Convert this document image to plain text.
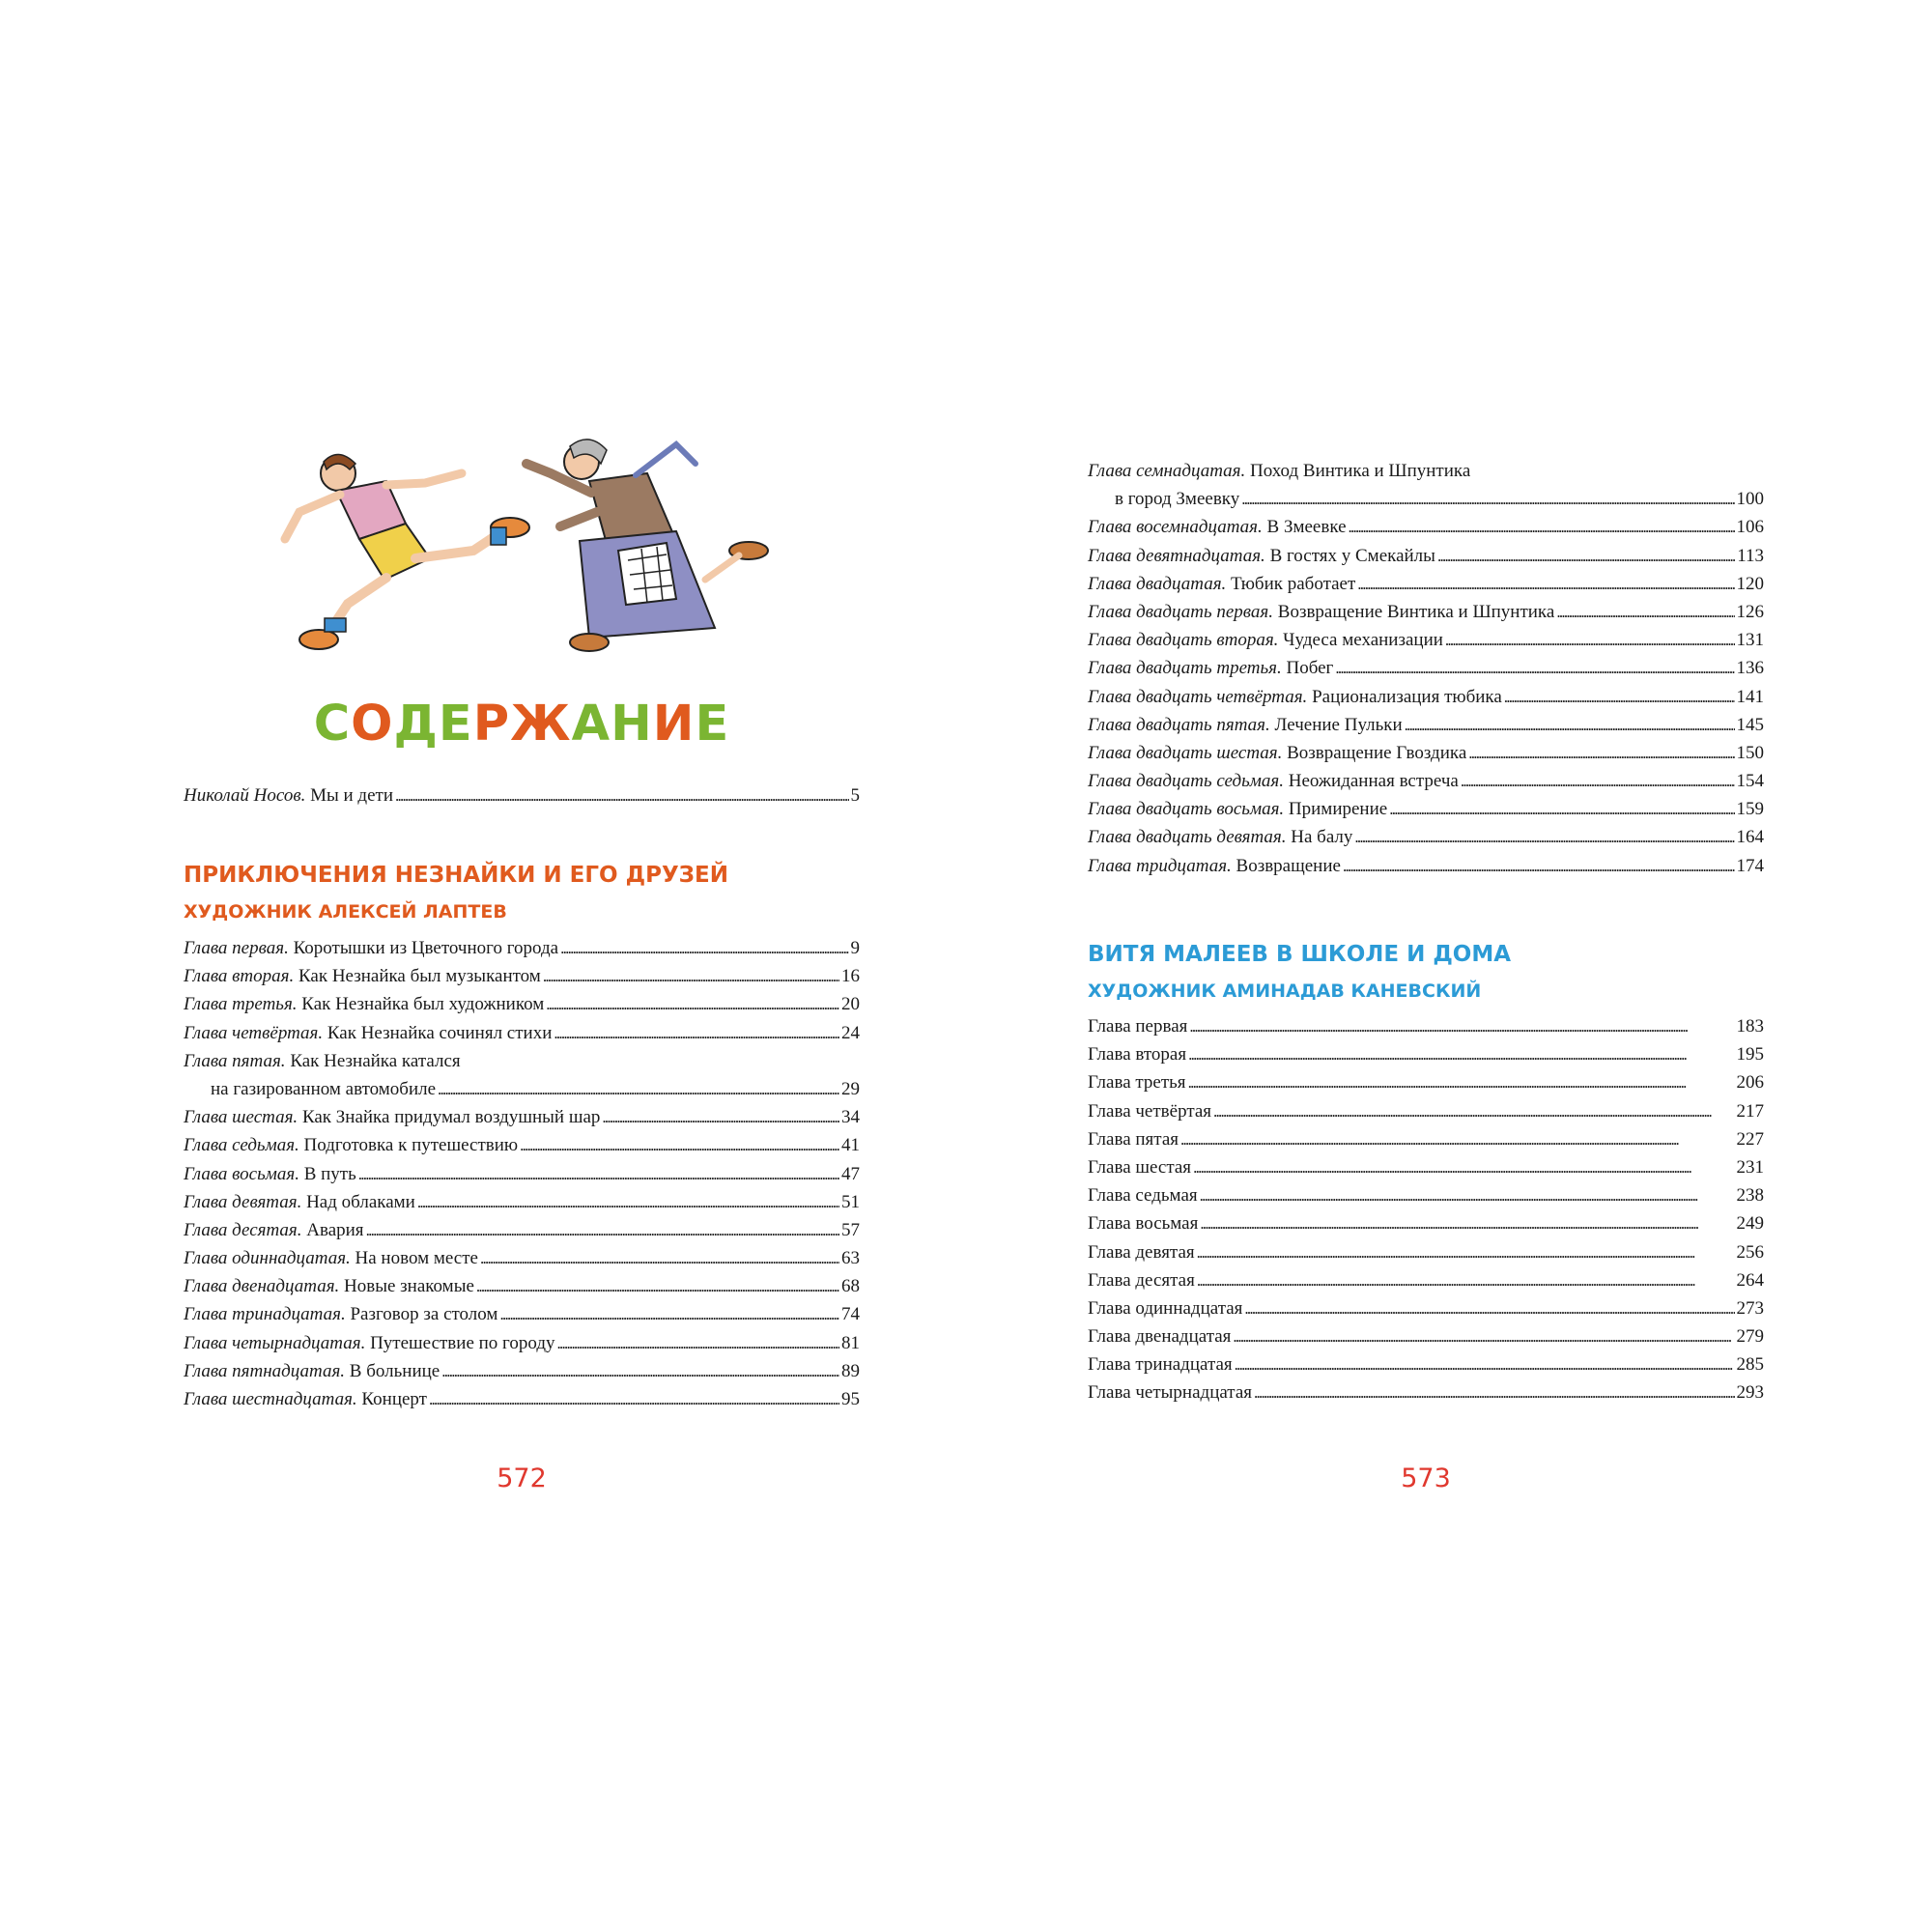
СОДЕРЖАНИЕ
Николай Носов. Мы и дети . . .	5
ПРИКЛЮЧЕНИЯ НЕЗНАЙКИ И ЕГО ДРУЗЕЙ
ХУДОЖНИК АЛЕКСЕЙ ЛАПТЕВ
Глава первая. Коротышки из Цветочного города . . .	9
Глава вторая. Как Незнайка был музыкантом . . .	16
Глава третья. Как Незнайка был художником . . .	20
Глава четвёртая. Как Незнайка сочинял стихи . . .	24
Глава пятая. Как Незнайка катался
на газированном автомобиле . . .	29
Глава шестая. Как Знайка придумал воздушный шар . . .	34
Глава седьмая. Подготовка к путешествию . . .	41
Глава восьмая. В путь . . .	47
Глава девятая. Над облаками . . .	51
Глава десятая. Авария . . .	57
Глава одиннадцатая. На новом месте . . .	63
Глава двенадцатая. Новые знакомые . . .	68
Глава тринадцатая. Разговор за столом . . .	74
Глава четырнадцатая. Путешествие по городу . . .	81
Глава пятнадцатая. В больнице . . .	89
Глава шестнадцатая. Концерт . . .	95
572
Глава семнадцатая. Поход Винтика и Шпунтика
в город Змеевку . . .	100
Глава восемнадцатая. В Змеевке . . .	106
Глава девятнадцатая. В гостях у Смекайлы . . .	113
Глава двадцатая. Тюбик работает . . .	120
Глава двадцать первая. Возвращение Винтика и Шпунтика . . .	126
Глава двадцать вторая. Чудеса механизации . . .	131
Глава двадцать третья. Побег . . .	136
Глава двадцать четвёртая. Рационализация тюбика . . .	141
Глава двадцать пятая. Лечение Пульки . . .	145
Глава двадцать шестая. Возвращение Гвоздика . . .	150
Глава двадцать седьмая. Неожиданная встреча . . .	154
Глава двадцать восьмая. Примирение . . .	159
Глава двадцать девятая. На балу . . .	164
Глава тридцатая. Возвращение . . .	174
ВИТЯ МАЛЕЕВ В ШКОЛЕ И ДОМА
ХУДОЖНИК АМИНАДАВ КАНЕВСКИЙ
Глава первая . . .	183
Глава вторая . . .	195
Глава третья . . .	206
Глава четвёртая . . .	217
Глава пятая . . .	227
Глава шестая . . .	231
Глава седьмая . . .	238
Глава восьмая . . .	249
Глава девятая . . .	256
Глава десятая . . .	264
Глава одиннадцатая . . .	273
Глава двенадцатая . . .	279
Глава тринадцатая . . .	285
Глава четырнадцатая . . .	293
573
